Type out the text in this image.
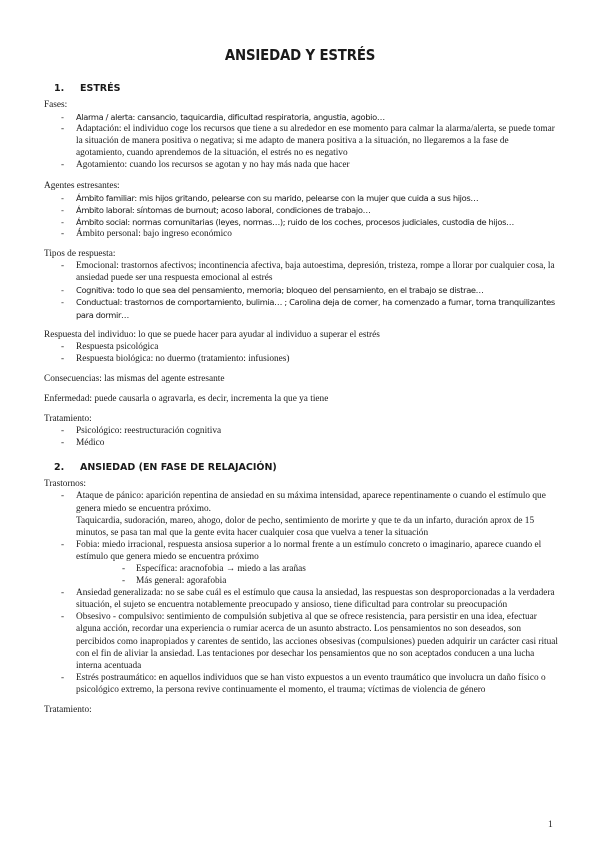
ANSIEDAD Y ESTRÉS
1. ESTRÉS

Fases:

- Alarma / alerta: cansancio, taquicardia, dificultad respiratoria, angustia, agobio…
- Adaptación: el individuo coge los recursos que tiene a su alrededor en ese momento para calmar la alarma/alerta, se puede tomar la situación de manera positiva o negativa; si me adapto de manera positiva a la situación, no llegaremos a la fase de agotamiento, cuando aprendemos de la situación, el estrés no es negativo
- Agotamiento: cuando los recursos se agotan y no hay más nada que hacer

Agentes estresantes:

- Ámbito familiar: mis hijos gritando, pelearse con su marido, pelearse con la mujer que cuida a sus hijos…
- Ámbito laboral: síntomas de burnout; acoso laboral, condiciones de trabajo…
- Ámbito social: normas comunitarias (leyes, normas…); ruido de los coches, procesos judiciales, custodia de hijos…
- Ámbito personal: bajo ingreso económico

Tipos de respuesta:

- Emocional: trastornos afectivos; incontinencia afectiva, baja autoestima, depresión, tristeza, rompe a llorar por cualquier cosa, la ansiedad puede ser una respuesta emocional al estrés
- Cognitiva: todo lo que sea del pensamiento, memoria; bloqueo del pensamiento, en el trabajo se distrae…
- Conductual: trastornos de comportamiento, bulimia… ; Carolina deja de comer, ha comenzado a fumar, toma tranquilizantes para dormir…

Respuesta del individuo: lo que se puede hacer para ayudar al individuo a superar el estrés

- Respuesta psicológica
- Respuesta biológica: no duermo (tratamiento: infusiones)

Consecuencias: las mismas del agente estresante

Enfermedad: puede causarla o agravarla, es decir, incrementa la que ya tiene

Tratamiento:

- Psicológico: reestructuración cognitiva
- Médico
2. ANSIEDAD (EN FASE DE RELAJACIÓN)

Trastornos:

- Ataque de pánico: aparición repentina de ansiedad en su máxima intensidad, aparece repentinamente o cuando el estímulo que genera miedo se encuentra próximo.
Taquicardia, sudoración, mareo, ahogo, dolor de pecho, sentimiento de morirte y que te da un infarto, duración aprox de 15 minutos, se pasa tan mal que la gente evita hacer cualquier cosa que vuelva a tener la situación
- Fobia: miedo irracional, respuesta ansiosa superior a lo normal frente a un estímulo concreto o imaginario, aparece cuando el estímulo que genera miedo se encuentra próximo
- Específica: aracnofobia → miedo a las arañas
- Más general: agorafobia
- Ansiedad generalizada: no se sabe cuál es el estímulo que causa la ansiedad, las respuestas son desproporcionadas a la verdadera situación, el sujeto se encuentra notablemente preocupado y ansioso, tiene dificultad para controlar su preocupación
- Obsesivo - compulsivo: sentimiento de compulsión subjetiva al que se ofrece resistencia, para persistir en una idea, efectuar alguna acción, recordar una experiencia o rumiar acerca de un asunto abstracto. Los pensamientos no son deseados, son percibidos como inapropiados y carentes de sentido, las acciones obsesivas (compulsiones) pueden adquirir un carácter casi ritual con el fin de aliviar la ansiedad. Las tentaciones por desechar los pensamientos que no son aceptados conducen a una lucha interna acentuada
- Estrés postraumático: en aquellos individuos que se han visto expuestos a un evento traumático que involucra un daño físico o psicológico extremo, la persona revive continuamente el momento, el trauma; víctimas de violencia de género

Tratamiento:

1
